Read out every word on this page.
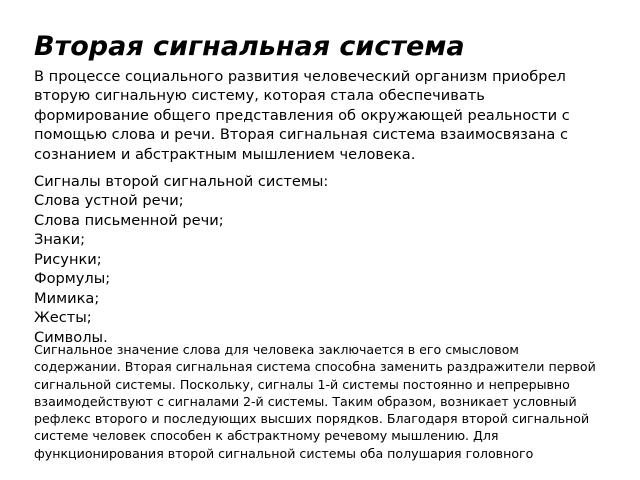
Вторая сигнальная система

В процессе социального развития человеческий организм приобрел вторую сигнальную систему, которая стала обеспечивать формирование общего представления об окружающей реальности с помощью слова и речи. Вторая сигнальная система взаимосвязана с сознанием и абстрактным мышлением человека.

Сигналы второй сигнальной системы:

Слова устной речи;
Слова письменной речи;
Знаки;
Рисунки;
Формулы;
Мимика;
Жесты;
Символы.

Сигнальное значение слова для человека заключается в его смысловом содержании. Вторая сигнальная система способна заменить раздражители первой сигнальной системы. Поскольку, сигналы 1-й системы постоянно и непрерывно взаимодействуют с сигналами 2-й системы. Таким образом, возникает условный рефлекс второго и последующих высших порядков. Благодаря второй сигнальной системе человек способен к абстрактному речевому мышлению. Для функционирования второй сигнальной системы оба полушария головного
